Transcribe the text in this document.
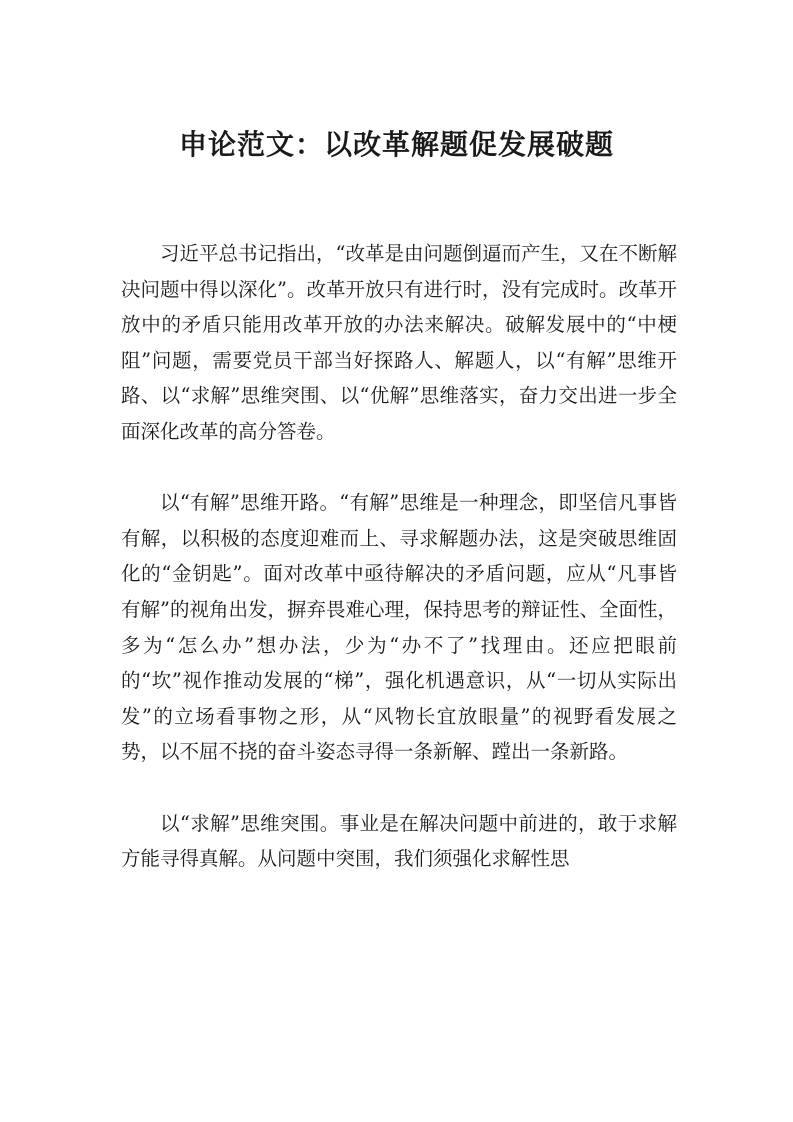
申论范文：以改革解题促发展破题

习近平总书记指出，“改革是由问题倒逼而产生，又在不断解决问题中得以深化”。改革开放只有进行时，没有完成时。改革开放中的矛盾只能用改革开放的办法来解决。破解发展中的“中梗阻”问题，需要党员干部当好探路人、解题人，以“有解”思维开路、以“求解”思维突围、以“优解”思维落实，奋力交出进一步全面深化改革的高分答卷。

以“有解”思维开路。“有解”思维是一种理念，即坚信凡事皆有解，以积极的态度迎难而上、寻求解题办法，这是突破思维固化的“金钥匙”。面对改革中亟待解决的矛盾问题，应从“凡事皆有解”的视角出发，摒弃畏难心理，保持思考的辩证性、全面性，多为“怎么办”想办法，少为“办不了”找理由。还应把眼前的“坎”视作推动发展的“梯”，强化机遇意识，从“一切从实际出发”的立场看事物之形，从“风物长宜放眼量”的视野看发展之势，以不屈不挠的奋斗姿态寻得一条新解、蹚出一条新路。

以“求解”思维突围。事业是在解决问题中前进的，敢于求解方能寻得真解。从问题中突围，我们须强化求解性思
